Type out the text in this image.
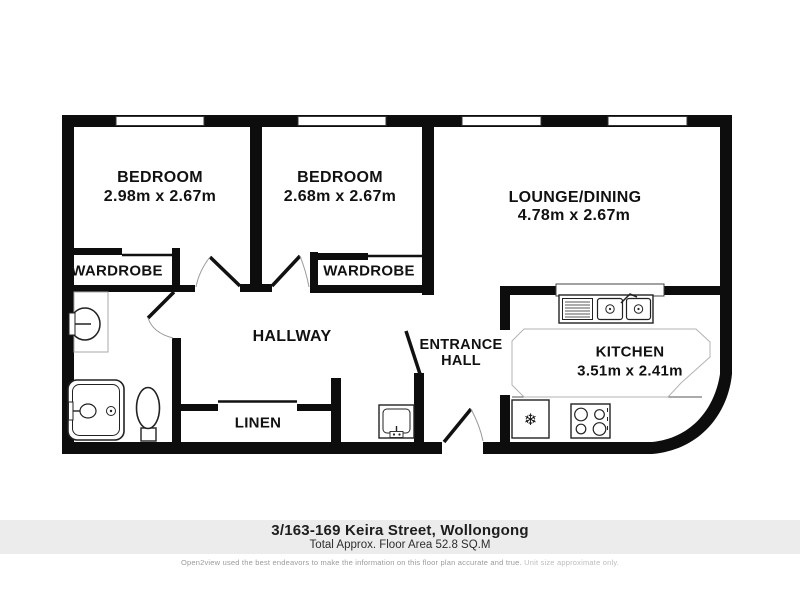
❄
BEDROOM
2.98m x 2.67m
BEDROOM
2.68m x 2.67m	LOUNGE/DINING
4.78m x 2.67m
WARDROBE	WARDROBE
HALLWAY	ENTRANCE
HALL
LINEN
KITCHEN
3.51m x 2.41m
3/163-169 Keira Street, Wollongong
Total Approx. Floor Area 52.8 SQ.M
Open2view used the best endeavors to make the information on this floor plan accurate and true. Unit size approximate only.
